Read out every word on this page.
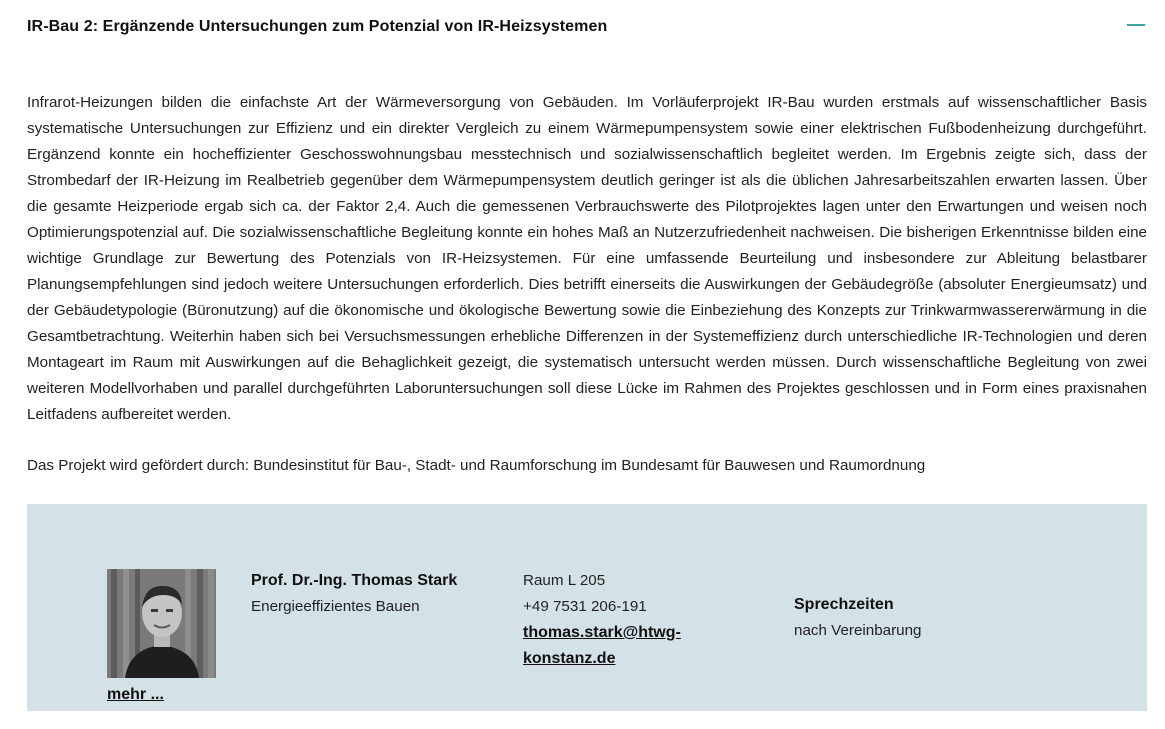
IR-Bau 2: Ergänzende Untersuchungen zum Potenzial von IR-Heizsystemen

Infrarot-Heizungen bilden die einfachste Art der Wärmeversorgung von Gebäuden. Im Vorläuferprojekt IR-Bau wurden erstmals auf wissenschaftlicher Basis systematische Untersuchungen zur Effizienz und ein direkter Vergleich zu einem Wärmepumpensystem sowie einer elektrischen Fußbodenheizung durchgeführt. Ergänzend konnte ein hocheffizienter Geschosswohnungsbau messtechnisch und sozialwissenschaftlich begleitet werden. Im Ergebnis zeigte sich, dass der Strombedarf der IR-Heizung im Realbetrieb gegenüber dem Wärmepumpensystem deutlich geringer ist als die üblichen Jahresarbeitszahlen erwarten lassen. Über die gesamte Heizperiode ergab sich ca. der Faktor 2,4. Auch die gemessenen Verbrauchswerte des Pilotprojektes lagen unter den Erwartungen und weisen noch Optimierungspotenzial auf. Die sozialwissenschaftliche Begleitung konnte ein hohes Maß an Nutzerzufriedenheit nachweisen. Die bisherigen Erkenntnisse bilden eine wichtige Grundlage zur Bewertung des Potenzials von IR-Heizsystemen. Für eine umfassende Beurteilung und insbesondere zur Ableitung belastbarer Planungsempfehlungen sind jedoch weitere Untersuchungen erforderlich. Dies betrifft einerseits die Auswirkungen der Gebäudegröße (absoluter Energieumsatz) und der Gebäudetypologie (Büronutzung) auf die ökonomische und ökologische Bewertung sowie die Einbeziehung des Konzepts zur Trinkwarmwassererwärmung in die Gesamtbetrachtung. Weiterhin haben sich bei Versuchsmessungen erhebliche Differenzen in der Systemeffizienz durch unterschiedliche IR-Technologien und deren Montageart im Raum mit Auswirkungen auf die Behaglichkeit gezeigt, die systematisch untersucht werden müssen. Durch wissenschaftliche Begleitung von zwei weiteren Modellvorhaben und parallel durchgeführten Laboruntersuchungen soll diese Lücke im Rahmen des Projektes geschlossen und in Form eines praxisnahen Leitfadens aufbereitet werden.

Das Projekt wird gefördert durch: Bundesinstitut für Bau-, Stadt- und Raumforschung im Bundesamt für Bauwesen und Raumordnung

mehr ...
Prof. Dr.-Ing. Thomas Stark
Energieeffizientes Bauen
Raum L 205
+49 7531 206-191
thomas.stark@htwg-
konstanz.de
Sprechzeiten
nach Vereinbarung
